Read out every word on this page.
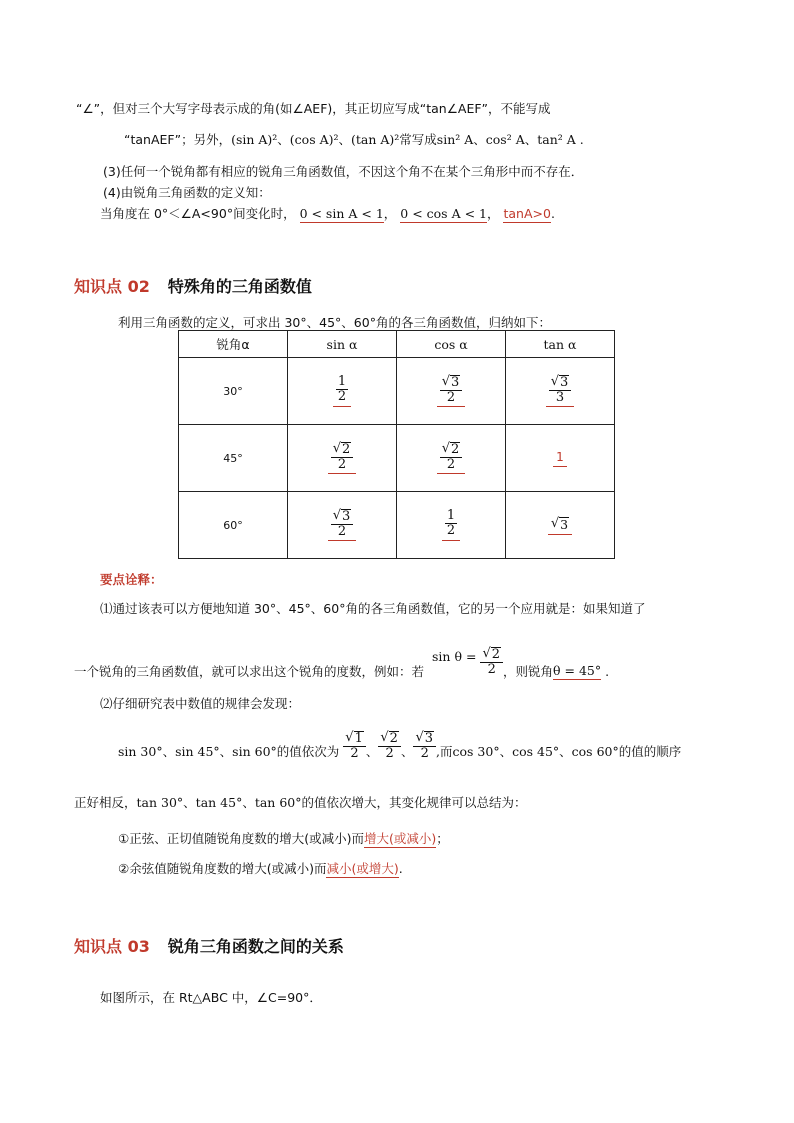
“∠”，但对三个大写字母表示成的角(如∠AEF)，其正切应写成“tan∠AEF”，不能写成
“tanAEF”；另外，(sin A)²、(cos A)²、(tan A)²常写成sin² A、cos² A、tan² A .
(3)任何一个锐角都有相应的锐角三角函数值，不因这个角不在某个三角形中而不存在．
(4)由锐角三角函数的定义知：
当角度在 0°＜∠A<90°间变化时， 0 < sin A < 1， 0 < cos A < 1， tanA>0.
知识点 02 特殊角的三角函数值
利用三角函数的定义，可求出 30°、45°、60°角的各三角函数值，归纳如下：
锐角α	sin α	cos α	tan α
30°	$\frac{1}{2}$	$\frac{√ 3}{2}$	$\frac{√ 3}{3}$

45°	$\frac{√ 2}{2}$	$\frac{√ 2}{2}$	1
60°	$\frac{√ 3}{2}$	$\frac{1}{2}$	√ 3
要点诠释：
⑴通过该表可以方便地知道 30°、45°、60°角的各三角函数值，它的另一个应用就是：如果知道了
一个锐角的三角函数值，就可以求出这个锐角的度数，例如：若
$\sin \theta = \frac{√ 2}{2}$ ，则锐角 θ = 45° .
⑵仔细研究表中数值的规律会发现：
sin 30°、sin 45°、sin 60°的值依次为 $\frac{√ 1}{2}$ 、 $\frac{√ 2}{2}$ 、 $\frac{√ 3}{2}$ ,而cos 30°、cos 45°、cos 60°的值的顺序
正好相反，tan 30°、tan 45°、tan 60°的值依次增大，其变化规律可以总结为：
①正弦、正切值随锐角度数的增大(或减小)而增大(或减小)；
②余弦值随锐角度数的增大(或减小)而减小(或增大).
知识点 03 锐角三角函数之间的关系
如图所示，在 Rt△ABC 中，∠C=90°．
